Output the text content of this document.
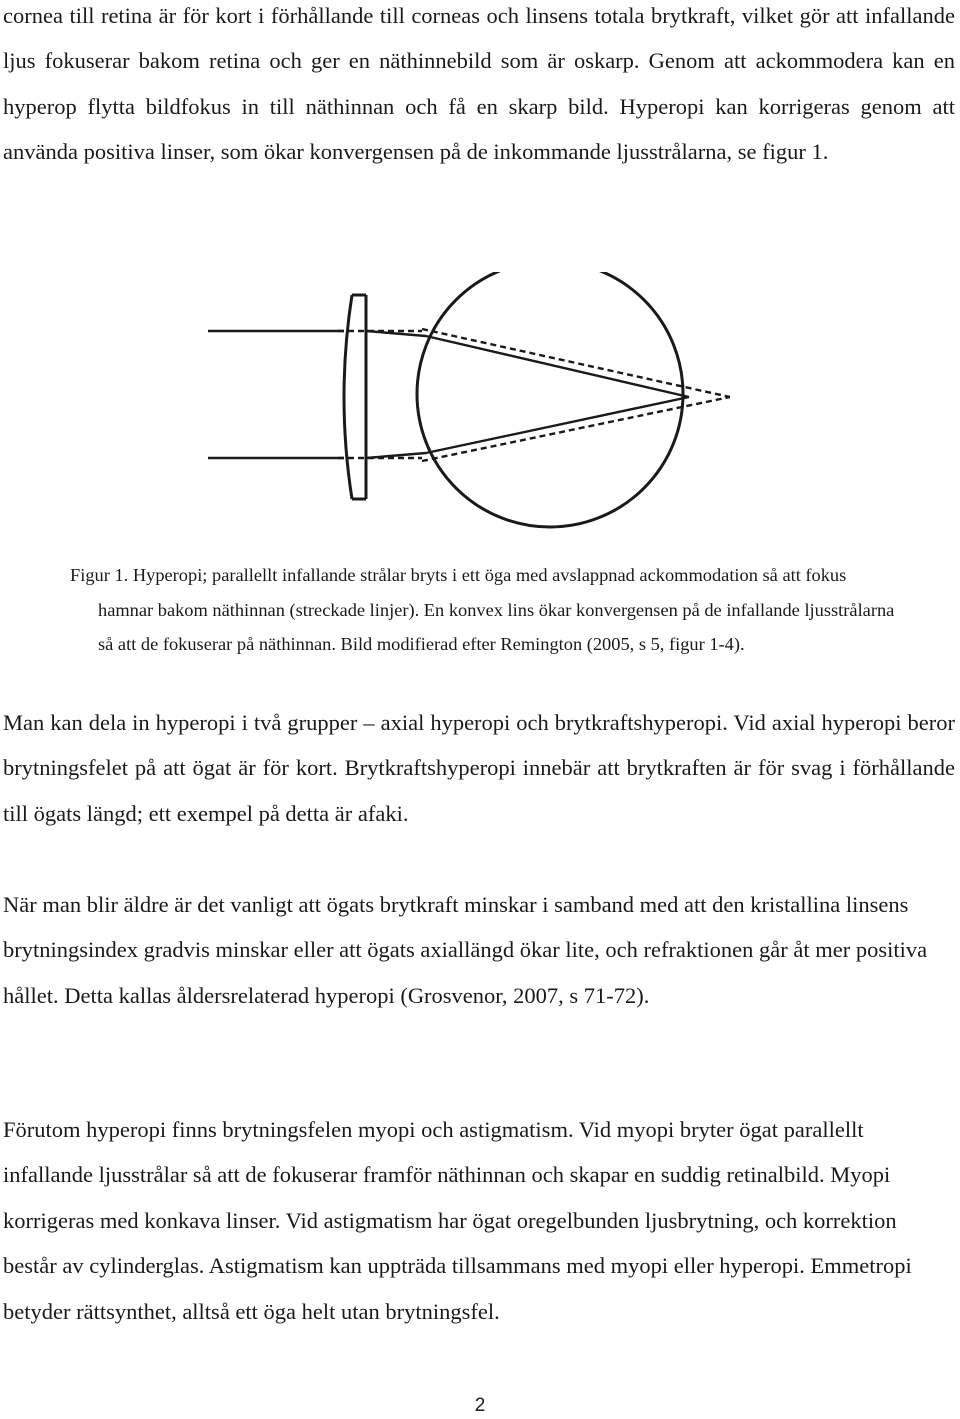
cornea till retina är för kort i förhållande till corneas och linsens totala brytkraft, vilket gör att infallande ljus fokuserar bakom retina och ger en näthinnebild som är oskarp. Genom att ackommodera kan en hyperop flytta bildfokus in till näthinnan och få en skarp bild. Hyperopi kan korrigeras genom att använda positiva linser, som ökar konvergensen på de inkommande ljusstrålarna, se figur 1.

Figur 1. Hyperopi; parallellt infallande strålar bryts i ett öga med avslappnad ackommodation så att fokus
hamnar bakom näthinnan (streckade linjer). En konvex lins ökar konvergensen på de infallande ljusstrålarna
så att de fokuserar på näthinnan. Bild modifierad efter Remington (2005, s 5, figur 1-4).

Man kan dela in hyperopi i två grupper – axial hyperopi och brytkraftshyperopi. Vid axial hyperopi beror brytningsfelet på att ögat är för kort. Brytkraftshyperopi innebär att brytkraften är för svag i förhållande till ögats längd; ett exempel på detta är afaki.

När man blir äldre är det vanligt att ögats brytkraft minskar i samband med att den kristallina linsens brytningsindex gradvis minskar eller att ögats axiallängd ökar lite, och refraktionen går åt mer positiva hållet. Detta kallas åldersrelaterad hyperopi (Grosvenor, 2007, s 71-72).

Förutom hyperopi finns brytningsfelen myopi och astigmatism. Vid myopi bryter ögat parallellt infallande ljusstrålar så att de fokuserar framför näthinnan och skapar en suddig retinalbild. Myopi korrigeras med konkava linser. Vid astigmatism har ögat oregelbunden ljusbrytning, och korrektion består av cylinderglas. Astigmatism kan uppträda tillsammans med myopi eller hyperopi. Emmetropi betyder rättsynthet, alltså ett öga helt utan brytningsfel.

2
